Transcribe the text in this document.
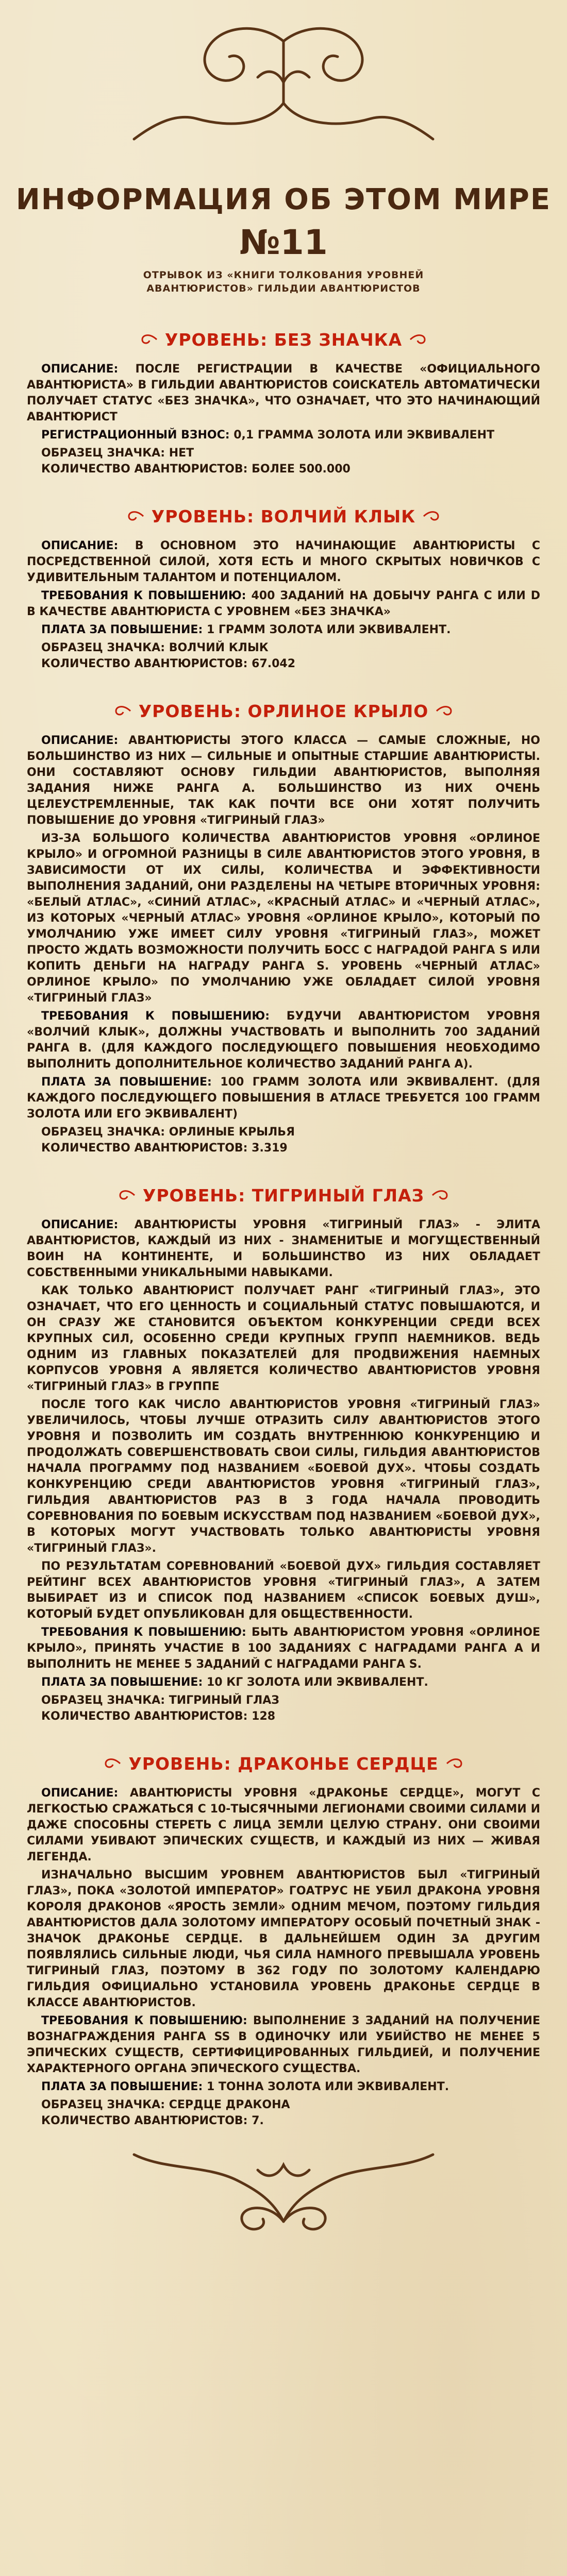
ИНФОРМАЦИЯ ОБ ЭТОМ МИРЕ
№11
ОТРЫВОК ИЗ «КНИГИ ТОЛКОВАНИЯ УРОВНЕЙ
АВАНТЮРИСТОВ» ГИЛЬДИИ АВАНТЮРИСТОВ
УРОВЕНЬ: БЕЗ ЗНАЧКА

ОПИСАНИЕ: ПОСЛЕ РЕГИСТРАЦИИ В КАЧЕСТВЕ «ОФИЦИАЛЬНОГО АВАНТЮРИСТА» В ГИЛЬДИИ АВАНТЮРИСТОВ СОИСКАТЕЛЬ АВТОМАТИЧЕСКИ ПОЛУЧАЕТ СТАТУС «БЕЗ ЗНАЧКА», ЧТО ОЗНАЧАЕТ, ЧТО ЭТО НАЧИНАЮЩИЙ АВАНТЮРИСТ

РЕГИСТРАЦИОННЫЙ ВЗНОС: 0,1 ГРАММА ЗОЛОТА ИЛИ ЭКВИВАЛЕНТ

ОБРАЗЕЦ ЗНАЧКА: НЕТ

КОЛИЧЕСТВО АВАНТЮРИСТОВ: БОЛЕЕ 500.000

УРОВЕНЬ: ВОЛЧИЙ КЛЫК

ОПИСАНИЕ: В ОСНОВНОМ ЭТО НАЧИНАЮЩИЕ АВАНТЮРИСТЫ С ПОСРЕДСТВЕННОЙ СИЛОЙ, ХОТЯ ЕСТЬ И МНОГО СКРЫТЫХ НОВИЧКОВ С УДИВИТЕЛЬНЫМ ТАЛАНТОМ И ПОТЕНЦИАЛОМ.

ТРЕБОВАНИЯ К ПОВЫШЕНИЮ: 400 ЗАДАНИЙ НА ДОБЫЧУ РАНГА С ИЛИ D В КАЧЕСТВЕ АВАНТЮРИСТА С УРОВНЕМ «БЕЗ ЗНАЧКА»

ПЛАТА ЗА ПОВЫШЕНИЕ: 1 ГРАММ ЗОЛОТА ИЛИ ЭКВИВАЛЕНТ.

ОБРАЗЕЦ ЗНАЧКА: ВОЛЧИЙ КЛЫК

КОЛИЧЕСТВО АВАНТЮРИСТОВ: 67.042

УРОВЕНЬ: ОРЛИНОЕ КРЫЛО

ОПИСАНИЕ: АВАНТЮРИСТЫ ЭТОГО КЛАССА — САМЫЕ СЛОЖНЫЕ, НО БОЛЬШИНСТВО ИЗ НИХ — СИЛЬНЫЕ И ОПЫТНЫЕ СТАРШИЕ АВАНТЮРИСТЫ. ОНИ СОСТАВЛЯЮТ ОСНОВУ ГИЛЬДИИ АВАНТЮРИСТОВ, ВЫПОЛНЯЯ ЗАДАНИЯ НИЖЕ РАНГА А. БОЛЬШИНСТВО ИЗ НИХ ОЧЕНЬ ЦЕЛЕУСТРЕМЛЕННЫЕ, ТАК КАК ПОЧТИ ВСЕ ОНИ ХОТЯТ ПОЛУЧИТЬ ПОВЫШЕНИЕ ДО УРОВНЯ «ТИГРИНЫЙ ГЛАЗ»

ИЗ-ЗА БОЛЬШОГО КОЛИЧЕСТВА АВАНТЮРИСТОВ УРОВНЯ «ОРЛИНОЕ КРЫЛО» И ОГРОМНОЙ РАЗНИЦЫ В СИЛЕ АВАНТЮРИСТОВ ЭТОГО УРОВНЯ, В ЗАВИСИМОСТИ ОТ ИХ СИЛЫ, КОЛИЧЕСТВА И ЭФФЕКТИВНОСТИ ВЫПОЛНЕНИЯ ЗАДАНИЙ, ОНИ РАЗДЕЛЕНЫ НА ЧЕТЫРЕ ВТОРИЧНЫХ УРОВНЯ: «БЕЛЫЙ АТЛАС», «СИНИЙ АТЛАС», «КРАСНЫЙ АТЛАС» И «ЧЕРНЫЙ АТЛАС», ИЗ КОТОРЫХ «ЧЕРНЫЙ АТЛАС» УРОВНЯ «ОРЛИНОЕ КРЫЛО», КОТОРЫЙ ПО УМОЛЧАНИЮ УЖЕ ИМЕЕТ СИЛУ УРОВНЯ «ТИГРИНЫЙ ГЛАЗ», МОЖЕТ ПРОСТО ЖДАТЬ ВОЗМОЖНОСТИ ПОЛУЧИТЬ БОСС С НАГРАДОЙ РАНГА S ИЛИ КОПИТЬ ДЕНЬГИ НА НАГРАДУ РАНГА S. УРОВЕНЬ «ЧЕРНЫЙ АТЛАС» ОРЛИНОЕ КРЫЛО» ПО УМОЛЧАНИЮ УЖЕ ОБЛАДАЕТ СИЛОЙ УРОВНЯ «ТИГРИНЫЙ ГЛАЗ»

ТРЕБОВАНИЯ К ПОВЫШЕНИЮ: БУДУЧИ АВАНТЮРИСТОМ УРОВНЯ «ВОЛЧИЙ КЛЫК», ДОЛЖНЫ УЧАСТВОВАТЬ И ВЫПОЛНИТЬ 700 ЗАДАНИЙ РАНГА B. (ДЛЯ КАЖДОГО ПОСЛЕДУЮЩЕГО ПОВЫШЕНИЯ НЕОБХОДИМО ВЫПОЛНИТЬ ДОПОЛНИТЕЛЬНОЕ КОЛИЧЕСТВО ЗАДАНИЙ РАНГА А).

ПЛАТА ЗА ПОВЫШЕНИЕ: 100 ГРАММ ЗОЛОТА ИЛИ ЭКВИВАЛЕНТ. (ДЛЯ КАЖДОГО ПОСЛЕДУЮЩЕГО ПОВЫШЕНИЯ В АТЛАСЕ ТРЕБУЕТСЯ 100 ГРАММ ЗОЛОТА ИЛИ ЕГО ЭКВИВАЛЕНТ)

ОБРАЗЕЦ ЗНАЧКА: ОРЛИНЫЕ КРЫЛЬЯ

КОЛИЧЕСТВО АВАНТЮРИСТОВ: 3.319

УРОВЕНЬ: ТИГРИНЫЙ ГЛАЗ

ОПИСАНИЕ: АВАНТЮРИСТЫ УРОВНЯ «ТИГРИНЫЙ ГЛАЗ» - ЭЛИТА АВАНТЮРИСТОВ, КАЖДЫЙ ИЗ НИХ - ЗНАМЕНИТЫЕ И МОГУЩЕСТВЕННЫЙ ВОИН НА КОНТИНЕНТЕ, И БОЛЬШИНСТВО ИЗ НИХ ОБЛАДАЕТ СОБСТВЕННЫМИ УНИКАЛЬНЫМИ НАВЫКАМИ.

КАК ТОЛЬКО АВАНТЮРИСТ ПОЛУЧАЕТ РАНГ «ТИГРИНЫЙ ГЛАЗ», ЭТО ОЗНАЧАЕТ, ЧТО ЕГО ЦЕННОСТЬ И СОЦИАЛЬНЫЙ СТАТУС ПОВЫШАЮТСЯ, И ОН СРАЗУ ЖЕ СТАНОВИТСЯ ОБЪЕКТОМ КОНКУРЕНЦИИ СРЕДИ ВСЕХ КРУПНЫХ СИЛ, ОСОБЕННО СРЕДИ КРУПНЫХ ГРУПП НАЕМНИКОВ. ВЕДЬ ОДНИМ ИЗ ГЛАВНЫХ ПОКАЗАТЕЛЕЙ ДЛЯ ПРОДВИЖЕНИЯ НАЕМНЫХ КОРПУСОВ УРОВНЯ А ЯВЛЯЕТСЯ КОЛИЧЕСТВО АВАНТЮРИСТОВ УРОВНЯ «ТИГРИНЫЙ ГЛАЗ» В ГРУППЕ

ПОСЛЕ ТОГО КАК ЧИСЛО АВАНТЮРИСТОВ УРОВНЯ «ТИГРИНЫЙ ГЛАЗ» УВЕЛИЧИЛОСЬ, ЧТОБЫ ЛУЧШЕ ОТРАЗИТЬ СИЛУ АВАНТЮРИСТОВ ЭТОГО УРОВНЯ И ПОЗВОЛИТЬ ИМ СОЗДАТЬ ВНУТРЕННЮЮ КОНКУРЕНЦИЮ И ПРОДОЛЖАТЬ СОВЕРШЕНСТВОВАТЬ СВОИ СИЛЫ, ГИЛЬДИЯ АВАНТЮРИСТОВ НАЧАЛА ПРОГРАММУ ПОД НАЗВАНИЕМ «БОЕВОЙ ДУХ». ЧТОБЫ СОЗДАТЬ КОНКУРЕНЦИЮ СРЕДИ АВАНТЮРИСТОВ УРОВНЯ «ТИГРИНЫЙ ГЛАЗ», ГИЛЬДИЯ АВАНТЮРИСТОВ РАЗ В 3 ГОДА НАЧАЛА ПРОВОДИТЬ СОРЕВНОВАНИЯ ПО БОЕВЫМ ИСКУССТВАМ ПОД НАЗВАНИЕМ «БОЕВОЙ ДУХ», В КОТОРЫХ МОГУТ УЧАСТВОВАТЬ ТОЛЬКО АВАНТЮРИСТЫ УРОВНЯ «ТИГРИНЫЙ ГЛАЗ».

ПО РЕЗУЛЬТАТАМ СОРЕВНОВАНИЙ «БОЕВОЙ ДУХ» ГИЛЬДИЯ СОСТАВЛЯЕТ РЕЙТИНГ ВСЕХ АВАНТЮРИСТОВ УРОВНЯ «ТИГРИНЫЙ ГЛАЗ», А ЗАТЕМ ВЫБИРАЕТ ИЗ И СПИСОК ПОД НАЗВАНИЕМ «СПИСОК БОЕВЫХ ДУШ», КОТОРЫЙ БУДЕТ ОПУБЛИКОВАН ДЛЯ ОБЩЕСТВЕННОСТИ.

ТРЕБОВАНИЯ К ПОВЫШЕНИЮ: БЫТЬ АВАНТЮРИСТОМ УРОВНЯ «ОРЛИНОЕ КРЫЛО», ПРИНЯТЬ УЧАСТИЕ В 100 ЗАДАНИЯХ С НАГРАДАМИ РАНГА А И ВЫПОЛНИТЬ НЕ МЕНЕЕ 5 ЗАДАНИЙ С НАГРАДАМИ РАНГА S.

ПЛАТА ЗА ПОВЫШЕНИЕ: 10 КГ ЗОЛОТА ИЛИ ЭКВИВАЛЕНТ.

ОБРАЗЕЦ ЗНАЧКА: ТИГРИНЫЙ ГЛАЗ

КОЛИЧЕСТВО АВАНТЮРИСТОВ: 128

УРОВЕНЬ: ДРАКОНЬЕ СЕРДЦЕ

ОПИСАНИЕ: АВАНТЮРИСТЫ УРОВНЯ «ДРАКОНЬЕ СЕРДЦЕ», МОГУТ С ЛЕГКОСТЬЮ СРАЖАТЬСЯ С 10-ТЫСЯЧНЫМИ ЛЕГИОНАМИ СВОИМИ СИЛАМИ И ДАЖЕ СПОСОБНЫ СТЕРЕТЬ С ЛИЦА ЗЕМЛИ ЦЕЛУЮ СТРАНУ. ОНИ СВОИМИ СИЛАМИ УБИВАЮТ ЭПИЧЕСКИХ СУЩЕСТВ, И КАЖДЫЙ ИЗ НИХ — ЖИВАЯ ЛЕГЕНДА.

ИЗНАЧАЛЬНО ВЫСШИМ УРОВНЕМ АВАНТЮРИСТОВ БЫЛ «ТИГРИНЫЙ ГЛАЗ», ПОКА «ЗОЛОТОЙ ИМПЕРАТОР» ГОАТРУС НЕ УБИЛ ДРАКОНА УРОВНЯ КОРОЛЯ ДРАКОНОВ «ЯРОСТЬ ЗЕМЛИ» ОДНИМ МЕЧОМ, ПОЭТОМУ ГИЛЬДИЯ АВАНТЮРИСТОВ ДАЛА ЗОЛОТОМУ ИМПЕРАТОРУ ОСОБЫЙ ПОЧЕТНЫЙ ЗНАК - ЗНАЧОК ДРАКОНЬЕ СЕРДЦЕ. В ДАЛЬНЕЙШЕМ ОДИН ЗА ДРУГИМ ПОЯВЛЯЛИСЬ СИЛЬНЫЕ ЛЮДИ, ЧЬЯ СИЛА НАМНОГО ПРЕВЫШАЛА УРОВЕНЬ ТИГРИНЫЙ ГЛАЗ, ПОЭТОМУ В 362 ГОДУ ПО ЗОЛОТОМУ КАЛЕНДАРЮ ГИЛЬДИЯ ОФИЦИАЛЬНО УСТАНОВИЛА УРОВЕНЬ ДРАКОНЬЕ СЕРДЦЕ В КЛАССЕ АВАНТЮРИСТОВ.

ТРЕБОВАНИЯ К ПОВЫШЕНИЮ: ВЫПОЛНЕНИЕ 3 ЗАДАНИЙ НА ПОЛУЧЕНИЕ ВОЗНАГРАЖДЕНИЯ РАНГА SS В ОДИНОЧКУ ИЛИ УБИЙСТВО НЕ МЕНЕЕ 5 ЭПИЧЕСКИХ СУЩЕСТВ, СЕРТИФИЦИРОВАННЫХ ГИЛЬДИЕЙ, И ПОЛУЧЕНИЕ ХАРАКТЕРНОГО ОРГАНА ЭПИЧЕСКОГО СУЩЕСТВА.

ПЛАТА ЗА ПОВЫШЕНИЕ: 1 ТОННА ЗОЛОТА ИЛИ ЭКВИВАЛЕНТ.

ОБРАЗЕЦ ЗНАЧКА: СЕРДЦЕ ДРАКОНА

КОЛИЧЕСТВО АВАНТЮРИСТОВ: 7.
